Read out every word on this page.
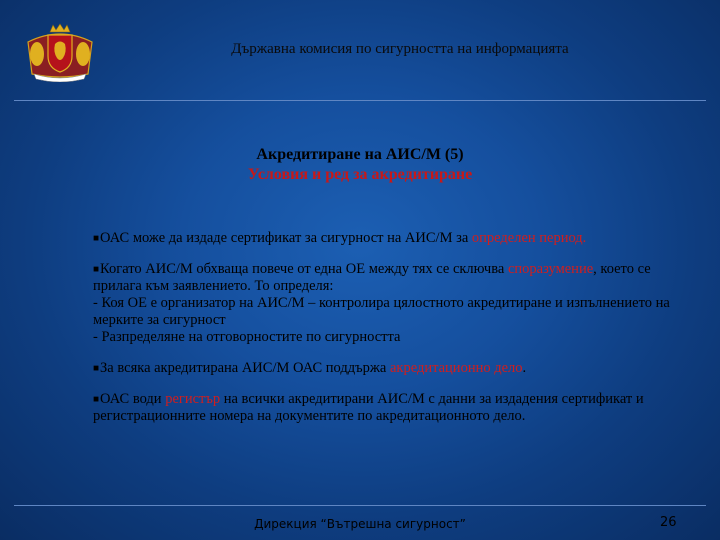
Държавна комисия по сигурността на информацията
Акредитиране на АИС/М (5)
Условия и ред за акредитиране
■ОАС може да издаде сертификат за сигурност на АИС/М за определен период.
■Когато АИС/М обхваща повече от една ОЕ между тях се сключва споразумение, което се прилага към заявлението. То определя:
- Коя ОЕ е организатор на АИС/М – контролира цялостното акредитиране и изпълнението на мерките за сигурност
- Разпределяне на отговорностите по сигурността
■За всяка акредитирана АИС/М ОАС поддържа акредитационно дело.
■ОАС води регистър на всички акредитирани АИС/М с данни за издадения сертификат и регистрационните номера на документите по акредитационното дело.
Дирекция “Вътрешна сигурност”	26
